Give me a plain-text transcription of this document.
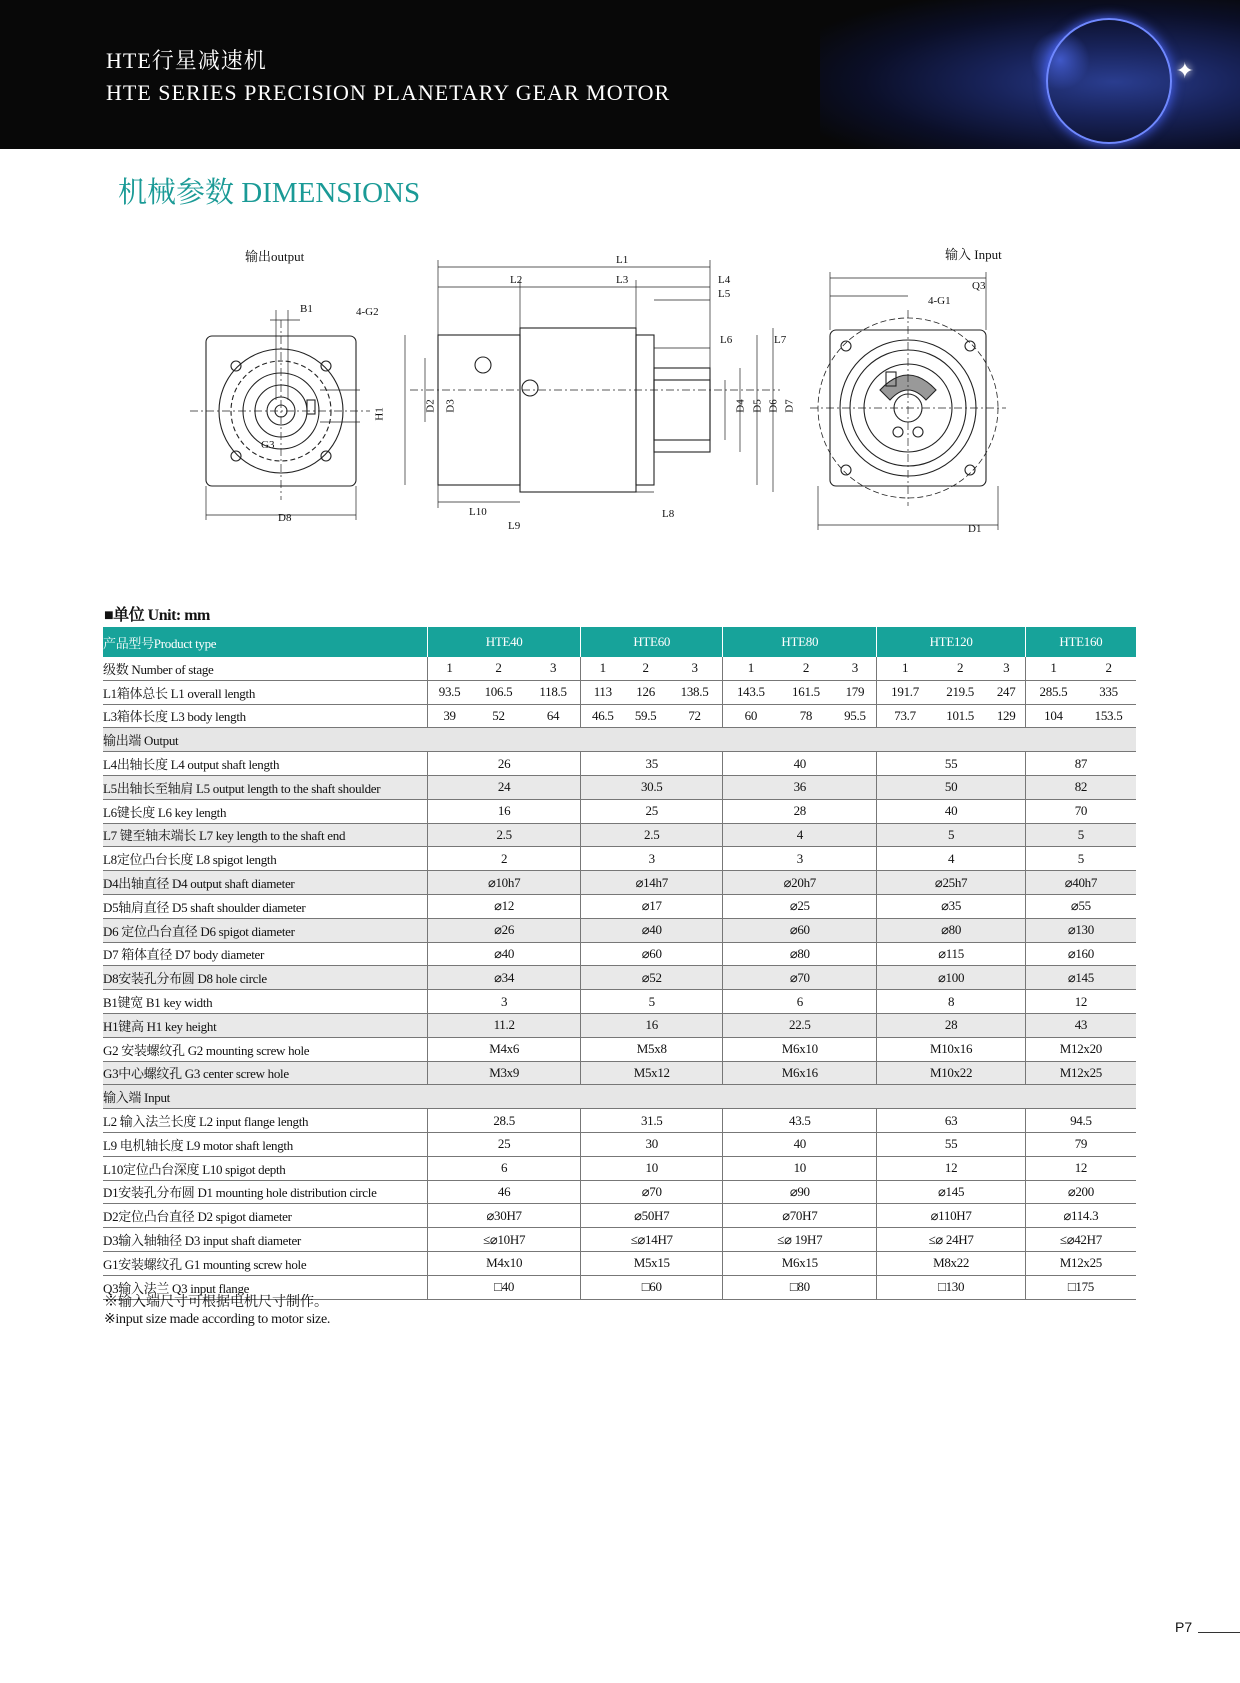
✦
HTE行星减速机
HTE SERIES PRECISION PLANETARY GEAR MOTOR
机械参数 DIMENSIONS
输出output	输入 Input
B1	4-G2
H1
G3
D8
L1
L2	L3	L4
L5
L6	L7
L8
L9
L10
D2 D3	D4 D5 D6 D7
Q3
4-G1
D1
■单位 Unit: mm
产品型号Product type	HTE40			HTE60			HTE80			HTE120			HTE160	
级数 Number of stage	1	2	3	1	2	3	1	2	3	1	2	3	1	2
L1箱体总长 L1 overall length	93.5	106.5	118.5	113	126	138.5	143.5	161.5	179	191.7	219.5	247	285.5	335
L3箱体长度 L3 body length	39	52	64	46.5	59.5	72	60	78	95.5	73.7	101.5	129	104	153.5
输出端 Output														
L4出轴长度 L4 output shaft length	26			35			40			55			87	
L5出轴长至轴肩 L5 output length to the shaft shoulder	24			30.5			36			50			82	
L6键长度 L6 key length	16			25			28			40			70	
L7 键至轴末端长 L7 key length to the shaft end	2.5			2.5			4			5			5	
L8定位凸台长度 L8 spigot length	2			3			3			4			5	
D4出轴直径 D4 output shaft diameter	⌀10h7			⌀14h7			⌀20h7			⌀25h7			⌀40h7	
D5轴肩直径 D5 shaft shoulder diameter	⌀12			⌀17			⌀25			⌀35			⌀55	
D6 定位凸台直径 D6 spigot diameter	⌀26			⌀40			⌀60			⌀80			⌀130	
D7 箱体直径 D7 body diameter	⌀40			⌀60			⌀80			⌀115			⌀160	
D8安装孔分布圆 D8 hole circle	⌀34			⌀52			⌀70			⌀100			⌀145	
B1键宽 B1 key width	3			5			6			8			12	
H1键高 H1 key height	11.2			16			22.5			28			43	
G2 安装螺纹孔 G2 mounting screw hole	M4x6			M5x8			M6x10			M10x16			M12x20	
G3中心螺纹孔 G3 center screw hole	M3x9			M5x12			M6x16			M10x22			M12x25	
输入端 Input														
L2 输入法兰长度 L2 input flange length	28.5			31.5			43.5			63			94.5	
L9 电机轴长度 L9 motor shaft length	25			30			40			55			79	
L10定位凸台深度 L10 spigot depth	6			10			10			12			12	
D1安装孔分布圆 D1 mounting hole distribution circle	46			⌀70			⌀90			⌀145			⌀200	
D2定位凸台直径 D2 spigot diameter	⌀30H7			⌀50H7			⌀70H7			⌀110H7			⌀114.3	
D3输入轴轴径 D3 input shaft diameter	≤⌀10H7			≤⌀14H7			≤⌀ 19H7			≤⌀ 24H7			≤⌀42H7	
G1安装螺纹孔 G1 mounting screw hole	M4x10			M5x15			M6x15			M8x22			M12x25	
Q3输入法兰 Q3 input flange	□40			□60			□80			□130			□175	
※输入端尺寸可根据电机尺寸制作。
※input size made according to motor size.
P7
